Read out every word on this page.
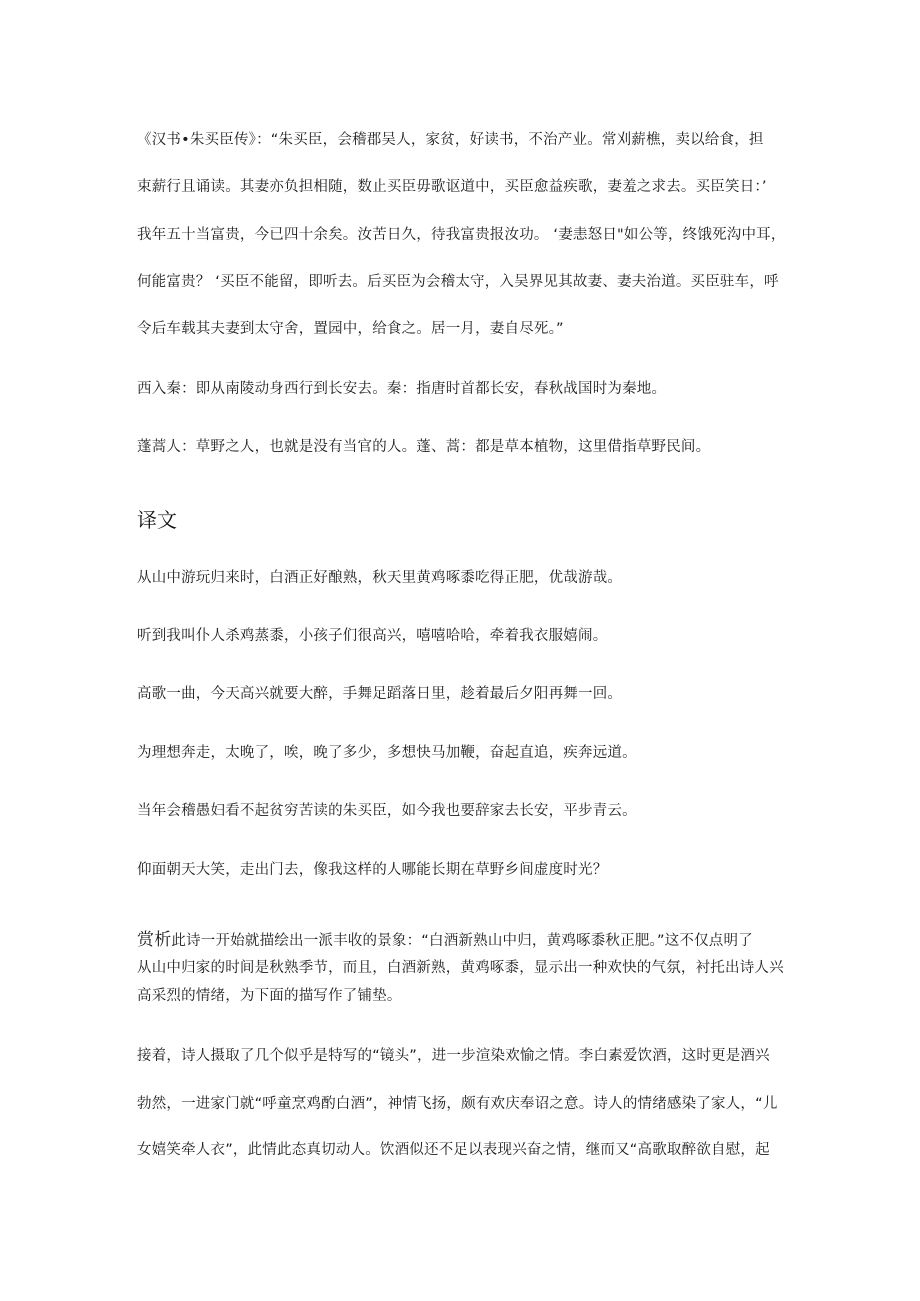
《汉书•朱买臣传》：“朱买臣，会稽郡吴人，家贫，好读书，不治产业。常刈薪樵，卖以给食，担
束薪行且诵读。其妻亦负担相随，数止买臣毋歌讴道中，买臣愈益疾歌，妻羞之求去。买臣笑日：’
我年五十当富贵，今已四十余矣。汝苦日久，待我富贵报汝功。 ‘妻恚怒日"如公等，终饿死沟中耳，
何能富贵？ ‘买臣不能留，即听去。后买臣为会稽太守，入吴界见其故妻、妻夫治道。买臣驻车，呼
令后车载其夫妻到太守舍，置园中，给食之。居一月，妻自尽死。”
西入秦：即从南陵动身西行到长安去。秦：指唐时首都长安，春秋战国时为秦地。
蓬蒿人：草野之人，也就是没有当官的人。蓬、蒿：都是草本植物，这里借指草野民间。
译文
从山中游玩归来时，白酒正好酿熟，秋天里黄鸡啄黍吃得正肥，优哉游哉。
听到我叫仆人杀鸡蒸黍，小孩子们很高兴，嘻嘻哈哈，牵着我衣服嬉闹。
高歌一曲，今天高兴就要大醉，手舞足蹈落日里，趁着最后夕阳再舞一回。
为理想奔走，太晚了，唉，晚了多少，多想快马加鞭，奋起直追，疾奔远道。
当年会稽愚妇看不起贫穷苦读的朱买臣，如今我也要辞家去长安，平步青云。
仰面朝天大笑，走出门去，像我这样的人哪能长期在草野乡间虚度时光？
赏析此诗一开始就描绘出一派丰收的景象：“白酒新熟山中归，黄鸡啄黍秋正肥。”这不仅点明了
从山中归家的时间是秋熟季节，而且，白酒新熟，黄鸡啄黍，显示出一种欢快的气氛，衬托出诗人兴
高采烈的情绪，为下面的描写作了铺垫。
接着，诗人摄取了几个似乎是特写的“镜头”，进一步渲染欢愉之情。李白素爱饮酒，这时更是酒兴
勃然，一进家门就“呼童烹鸡酌白酒”，神情飞扬，颇有欢庆奉诏之意。诗人的情绪感染了家人，“儿
女嬉笑牵人衣”，此情此态真切动人。饮酒似还不足以表现兴奋之情，继而又“高歌取醉欲自慰，起
